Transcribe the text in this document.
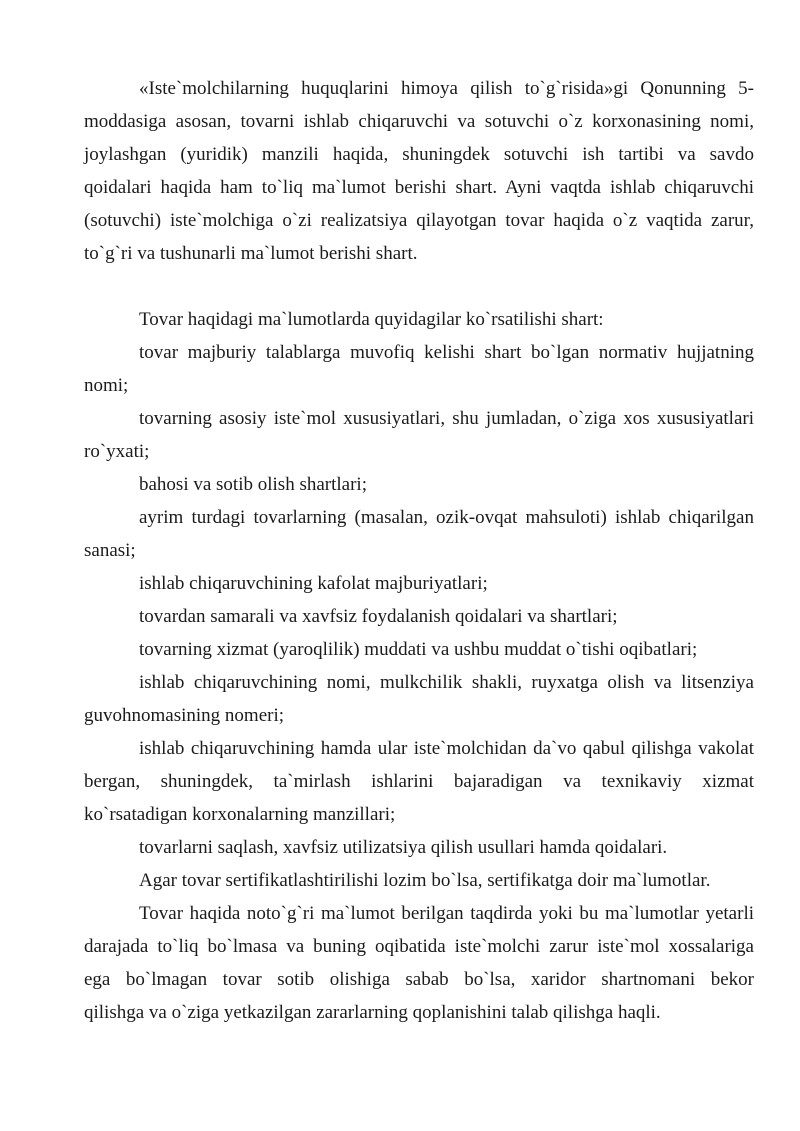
«Iste`molchilarning huquqlarini himoya qilish to`g`risida»gi Qonunning 5-
moddasiga asosan, tovarni ishlab chiqaruvchi va sotuvchi o`z korxonasining nomi,
joylashgan (yuridik) manzili haqida, shuningdek sotuvchi ish tartibi va savdo
qoidalari haqida ham to`liq ma`lumot berishi shart. Ayni vaqtda ishlab chiqaruvchi
(sotuvchi) iste`molchiga o`zi realizatsiya qilayotgan tovar haqida o`z vaqtida zarur,
to`g`ri va tushunarli ma`lumot berishi shart.
Tovar haqidagi ma`lumotlarda quyidagilar ko`rsatilishi shart:
tovar majburiy talablarga muvofiq kelishi shart bo`lgan normativ hujjatning
nomi;
tovarning asosiy iste`mol xususiyatlari, shu jumladan, o`ziga xos xususiyatlari
ro`yxati;
bahosi va sotib olish shartlari;
ayrim turdagi tovarlarning (masalan, ozik-ovqat mahsuloti) ishlab chiqarilgan
sanasi;
ishlab chiqaruvchining kafolat majburiyatlari;
tovardan samarali va xavfsiz foydalanish qoidalari va shartlari;
tovarning xizmat (yaroqlilik) muddati va ushbu muddat o`tishi oqibatlari;
ishlab chiqaruvchining nomi, mulkchilik shakli, ruyxatga olish va litsenziya
guvohnomasining nomeri;
ishlab chiqaruvchining hamda ular iste`molchidan da`vo qabul qilishga vakolat
bergan, shuningdek, ta`mirlash ishlarini bajaradigan va texnikaviy xizmat
ko`rsatadigan korxonalarning manzillari;
tovarlarni saqlash, xavfsiz utilizatsiya qilish usullari hamda qoidalari.
Agar tovar sertifikatlashtirilishi lozim bo`lsa, sertifikatga doir ma`lumotlar.
Tovar haqida noto`g`ri ma`lumot berilgan taqdirda yoki bu ma`lumotlar yetarli
darajada to`liq bo`lmasa va buning oqibatida iste`molchi zarur iste`mol xossalariga
ega bo`lmagan tovar sotib olishiga sabab bo`lsa, xaridor shartnomani bekor
qilishga va o`ziga yetkazilgan zararlarning qoplanishini talab qilishga haqli.
